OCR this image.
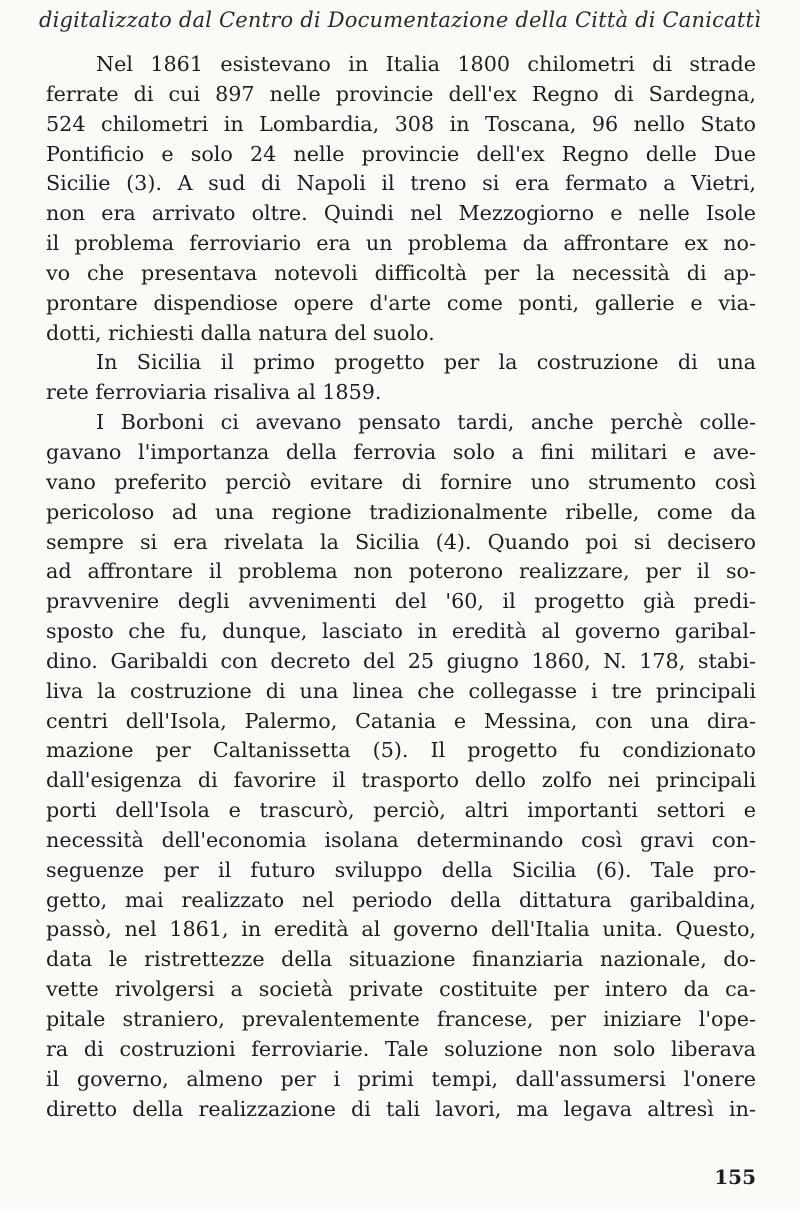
digitalizzato dal Centro di Documentazione della Città di Canicattì
Nel 1861 esistevano in Italia 1800 chilometri di strade
ferrate di cui 897 nelle provincie dell'ex Regno di Sardegna,
524 chilometri in Lombardia, 308 in Toscana, 96 nello Stato
Pontificio e solo 24 nelle provincie dell'ex Regno delle Due
Sicilie (3). A sud di Napoli il treno si era fermato a Vietri,
non era arrivato oltre. Quindi nel Mezzogiorno e nelle Isole
il problema ferroviario era un problema da affrontare ex no-
vo che presentava notevoli difficoltà per la necessità di ap-
prontare dispendiose opere d'arte come ponti, gallerie e via-
dotti, richiesti dalla natura del suolo.
In Sicilia il primo progetto per la costruzione di una
rete ferroviaria risaliva al 1859.
I Borboni ci avevano pensato tardi, anche perchè colle-
gavano l'importanza della ferrovia solo a fini militari e ave-
vano preferito perciò evitare di fornire uno strumento così
pericoloso ad una regione tradizionalmente ribelle, come da
sempre si era rivelata la Sicilia (4). Quando poi si decisero
ad affrontare il problema non poterono realizzare, per il so-
pravvenire degli avvenimenti del '60, il progetto già predi-
sposto che fu, dunque, lasciato in eredità al governo garibal-
dino. Garibaldi con decreto del 25 giugno 1860, N. 178, stabi-
liva la costruzione di una linea che collegasse i tre principali
centri dell'Isola, Palermo, Catania e Messina, con una dira-
mazione per Caltanissetta (5). Il progetto fu condizionato
dall'esigenza di favorire il trasporto dello zolfo nei principali
porti dell'Isola e trascurò, perciò, altri importanti settori e
necessità dell'economia isolana determinando così gravi con-
seguenze per il futuro sviluppo della Sicilia (6). Tale pro-
getto, mai realizzato nel periodo della dittatura garibaldina,
passò, nel 1861, in eredità al governo dell'Italia unita. Questo,
data le ristrettezze della situazione finanziaria nazionale, do-
vette rivolgersi a società private costituite per intero da ca-
pitale straniero, prevalentemente francese, per iniziare l'ope-
ra di costruzioni ferroviarie. Tale soluzione non solo liberava
il governo, almeno per i primi tempi, dall'assumersi l'onere
diretto della realizzazione di tali lavori, ma legava altresì in-
155
